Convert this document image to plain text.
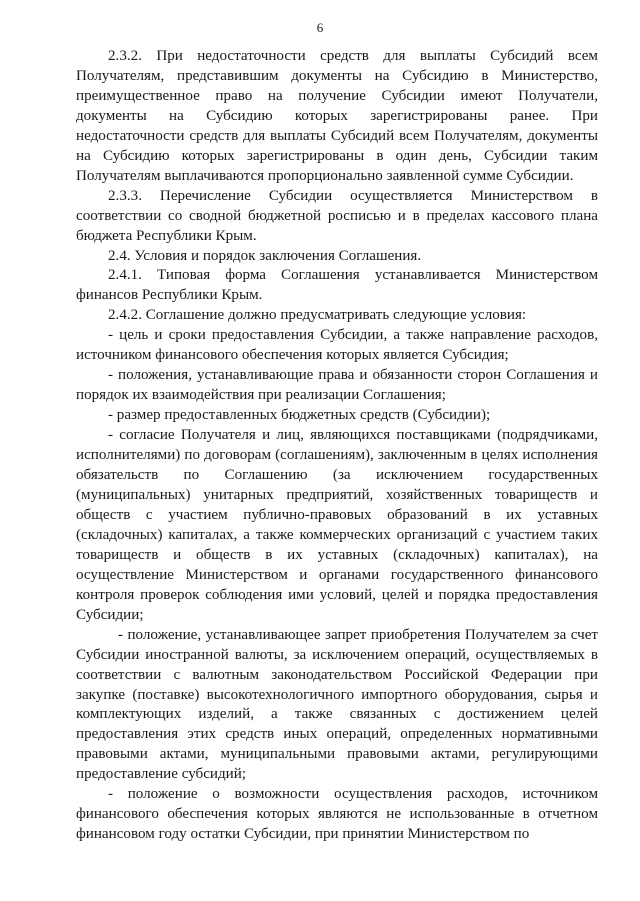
6

2.3.2. При недостаточности средств для выплаты Субсидий всем Получателям, представившим документы на Субсидию в Министерство, преимущественное право на получение Субсидии имеют Получатели, документы на Субсидию которых зарегистрированы ранее. При недостаточности средств для выплаты Субсидий всем Получателям, документы на Субсидию которых зарегистрированы в один день, Субсидии таким Получателям выплачиваются пропорционально заявленной сумме Субсидии.

2.3.3. Перечисление Субсидии осуществляется Министерством в соответствии со сводной бюджетной росписью и в пределах кассового плана бюджета Республики Крым.

2.4. Условия и порядок заключения Соглашения.

2.4.1. Типовая форма Соглашения устанавливается Министерством финансов Республики Крым.

2.4.2. Соглашение должно предусматривать следующие условия:

- цель и сроки предоставления Субсидии, а также направление расходов, источником финансового обеспечения которых является Субсидия;

- положения, устанавливающие права и обязанности сторон Соглашения и порядок их взаимодействия при реализации Соглашения;

- размер предоставленных бюджетных средств (Субсидии);

- согласие Получателя и лиц, являющихся поставщиками (подрядчиками, исполнителями) по договорам (соглашениям), заключенным в целях исполнения обязательств по Соглашению (за исключением государственных (муниципальных) унитарных предприятий, хозяйственных товариществ и обществ с участием публично-правовых образований в их уставных (складочных) капиталах, а также коммерческих организаций с участием таких товариществ и обществ в их уставных (складочных) капиталах), на осуществление Министерством и органами государственного финансового контроля проверок соблюдения ими условий, целей и порядка предоставления Субсидии;

- положение, устанавливающее запрет приобретения Получателем за счет Субсидии иностранной валюты, за исключением операций, осуществляемых в соответствии с валютным законодательством Российской Федерации при закупке (поставке) высокотехнологичного импортного оборудования, сырья и комплектующих изделий, а также связанных с достижением целей предоставления этих средств иных операций, определенных нормативными правовыми актами, муниципальными правовыми актами, регулирующими предоставление субсидий;

- положение о возможности осуществления расходов, источником финансового обеспечения которых являются не использованные в отчетном финансовом году остатки Субсидии, при принятии Министерством по
